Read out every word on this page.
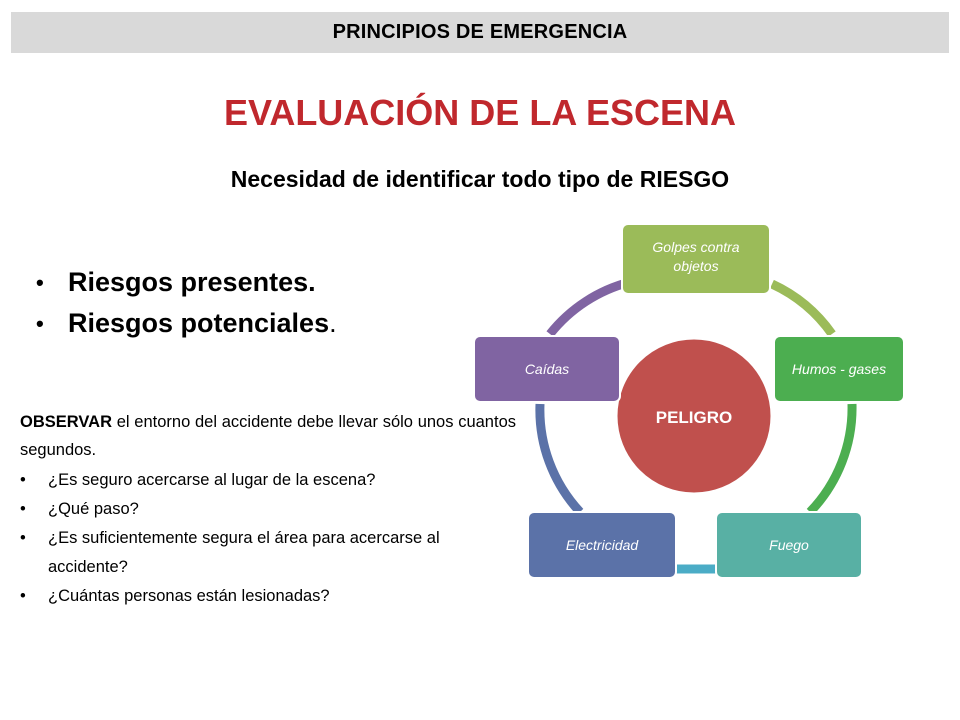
PRINCIPIOS DE EMERGENCIA
EVALUACIÓN DE LA ESCENA
Necesidad de identificar todo tipo de RIESGO
• Riesgos presentes.
• Riesgos potenciales .
OBSERVAR el entorno del accidente debe llevar sólo unos cuantos segundos.
•	¿Es seguro acercarse al lugar de la escena?
•	¿Qué paso?
•	¿Es suficientemente segura el área para acercarse al accidente?
•	¿Cuántas personas están lesionadas?
PELIGRO
Golpes contra
objetos
Humos - gases
Fuego
Electricidad
Caídas
